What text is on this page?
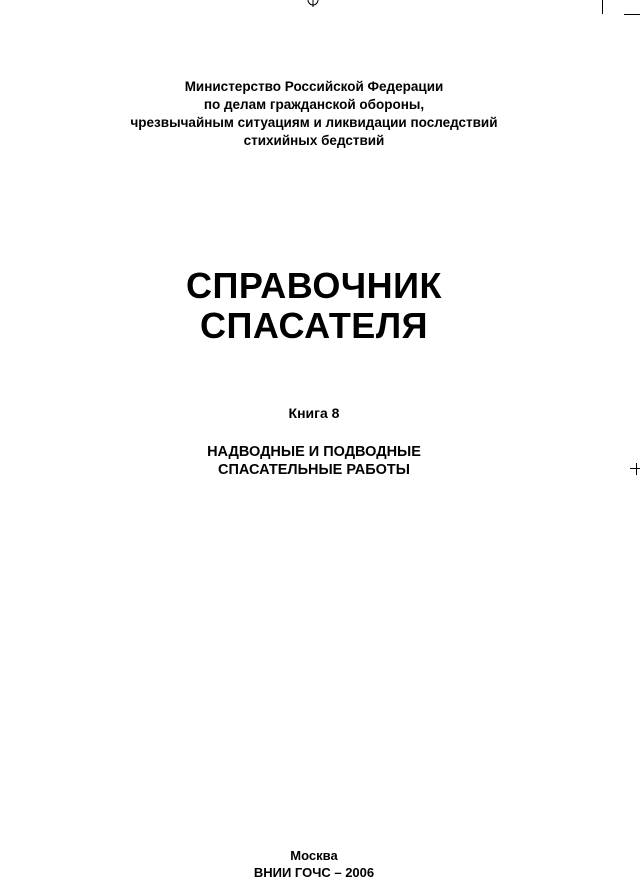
Министерство Российской Федерации
по делам гражданской обороны,
чрезвычайным ситуациям и ликвидации последствий
стихийных бедствий
СПРАВОЧНИК
СПАСАТЕЛЯ
Книга 8
НАДВОДНЫЕ И ПОДВОДНЫЕ
СПАСАТЕЛЬНЫЕ РАБОТЫ
Москва
ВНИИ ГОЧС – 2006
